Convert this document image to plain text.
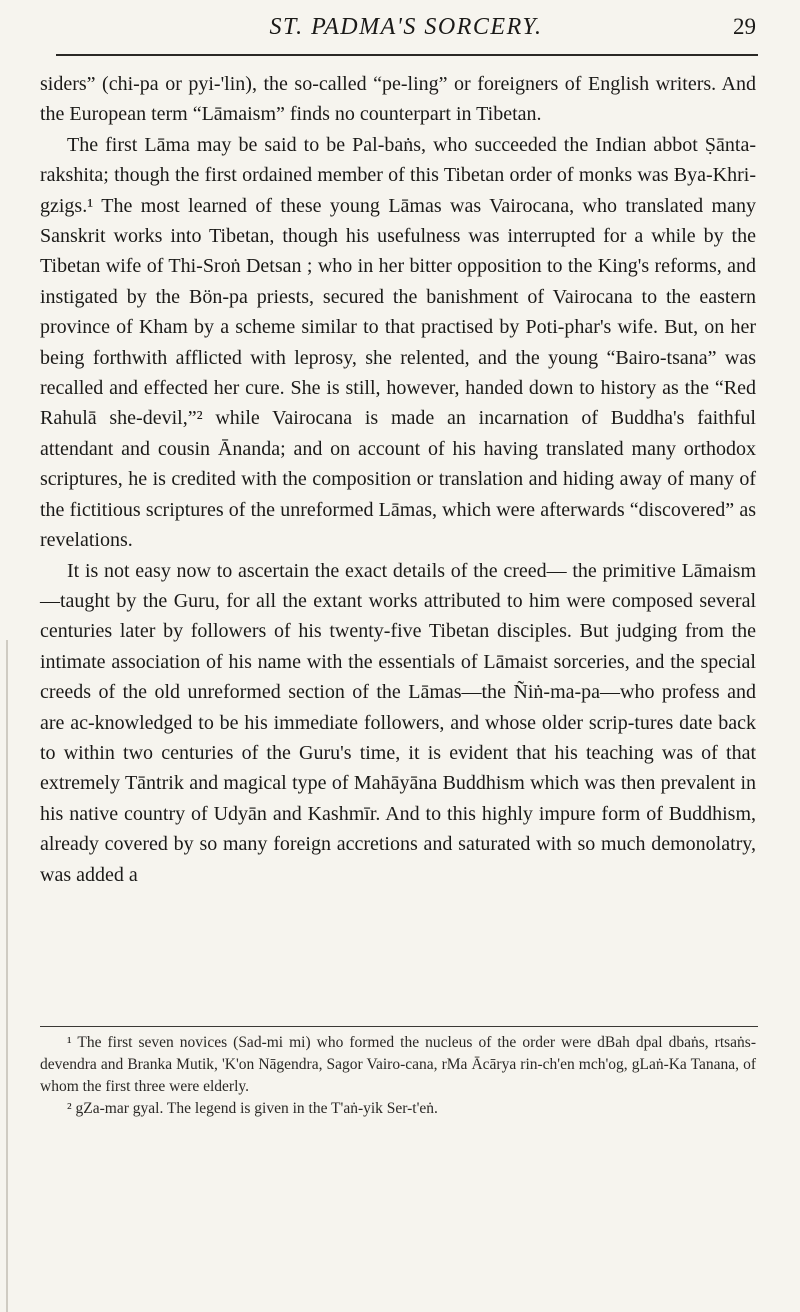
ST. PADMA'S SORCERY.	29

siders” (chi-pa or pyi-'lin), the so-called “pe-ling” or foreigners of English writers. And the European term “Lāmaism” finds no counterpart in Tibetan.

The first Lāma may be said to be Pal-baṅs, who succeeded the Indian abbot Ṣānta-rakshita; though the first ordained member of this Tibetan order of monks was Bya-Khri-gzigs.¹ The most learned of these young Lāmas was Vairocana, who translated many Sanskrit works into Tibetan, though his usefulness was interrupted for a while by the Tibetan wife of Thi-Sroṅ Detsan ; who in her bitter opposition to the King's reforms, and instigated by the Bön-pa priests, secured the banishment of Vairocana to the eastern province of Kham by a scheme similar to that practised by Poti-phar's wife. But, on her being forthwith afflicted with leprosy, she relented, and the young “Bairo-tsana” was recalled and effected her cure. She is still, however, handed down to history as the “Red Rahulā she-devil,”² while Vairocana is made an incarnation of Buddha's faithful attendant and cousin Ānanda; and on account of his having translated many orthodox scriptures, he is credited with the composition or translation and hiding away of many of the fictitious scriptures of the unreformed Lāmas, which were afterwards “discovered” as revelations.

It is not easy now to ascertain the exact details of the creed— the primitive Lāmaism—taught by the Guru, for all the extant works attributed to him were composed several centuries later by followers of his twenty-five Tibetan disciples. But judging from the intimate association of his name with the essentials of Lāmaist sorceries, and the special creeds of the old unreformed section of the Lāmas—the Ñiṅ-ma-pa—who profess and are ac-knowledged to be his immediate followers, and whose older scrip-tures date back to within two centuries of the Guru's time, it is evident that his teaching was of that extremely Tāntrik and magical type of Mahāyāna Buddhism which was then prevalent in his native country of Udyān and Kashmīr. And to this highly impure form of Buddhism, already covered by so many foreign accretions and saturated with so much demonolatry, was added a

¹ The first seven novices (Sad-mi mi) who formed the nucleus of the order were dBah dpal dbaṅs, rtsaṅs-devendra and Branka Mutik, 'K'on Nāgendra, Sagor Vairo-cana, rMa Ācārya rin-ch'en mch'og, gLaṅ-Ka Tanana, of whom the first three were elderly.

² gZa-mar gyal. The legend is given in the T'aṅ-yik Ser-t'eṅ.
